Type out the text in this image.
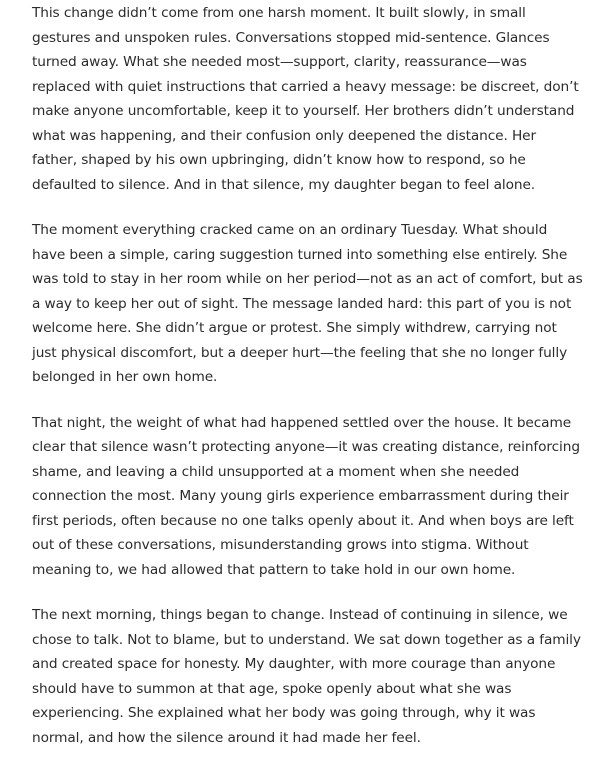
This change didn’t come from one harsh moment. It built slowly, in small gestures and unspoken rules. Conversations stopped mid-sentence. Glances turned away. What she needed most—support, clarity, reassurance—was replaced with quiet instructions that carried a heavy message: be discreet, don’t make anyone uncomfortable, keep it to yourself. Her brothers didn’t understand what was happening, and their confusion only deepened the distance. Her father, shaped by his own upbringing, didn’t know how to respond, so he defaulted to silence. And in that silence, my daughter began to feel alone.

The moment everything cracked came on an ordinary Tuesday. What should have been a simple, caring suggestion turned into something else entirely. She was told to stay in her room while on her period—not as an act of comfort, but as a way to keep her out of sight. The message landed hard: this part of you is not welcome here. She didn’t argue or protest. She simply withdrew, carrying not just physical discomfort, but a deeper hurt—the feeling that she no longer fully belonged in her own home.

That night, the weight of what had happened settled over the house. It became clear that silence wasn’t protecting anyone—it was creating distance, reinforcing shame, and leaving a child unsupported at a moment when she needed connection the most. Many young girls experience embarrassment during their first periods, often because no one talks openly about it. And when boys are left out of these conversations, misunderstanding grows into stigma. Without meaning to, we had allowed that pattern to take hold in our own home.

The next morning, things began to change. Instead of continuing in silence, we chose to talk. Not to blame, but to understand. We sat down together as a family and created space for honesty. My daughter, with more courage than anyone should have to summon at that age, spoke openly about what she was experiencing. She explained what her body was going through, why it was normal, and how the silence around it had made her feel.
